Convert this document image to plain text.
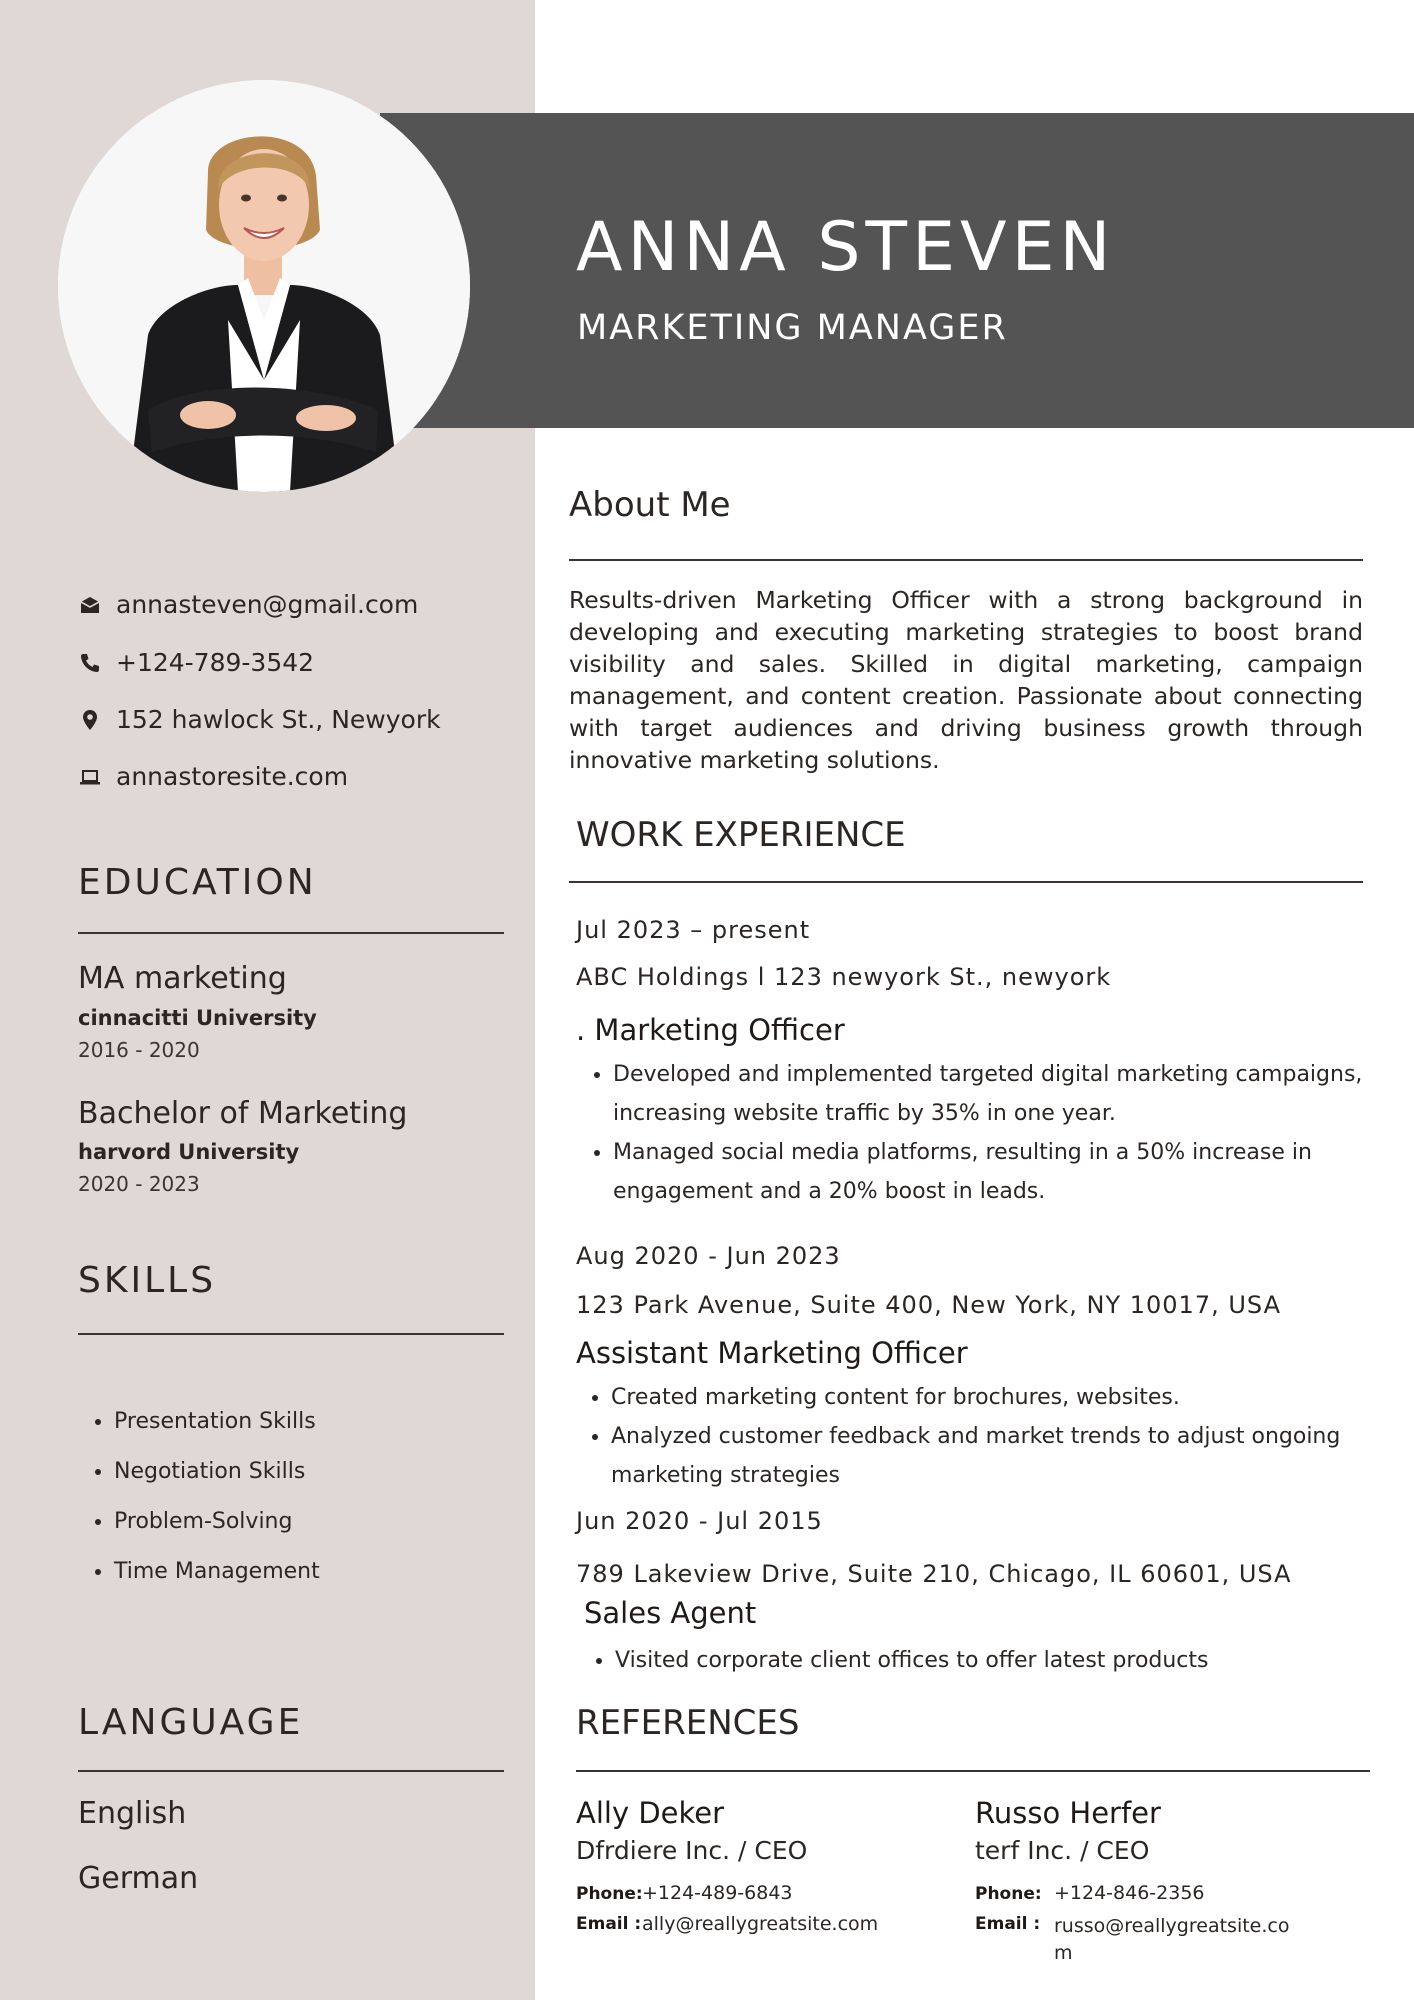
ANNA STEVEN
MARKETING MANAGER
annasteven@gmail.com
+124-789-3542
152 hawlock St., Newyork
annastoresite.com
EDUCATION
MA marketing
cinnacitti University
2016 - 2020
Bachelor of Marketing
harvord University
2020 - 2023
SKILLS
• Presentation Skills
• Negotiation Skills
• Problem-Solving
• Time Management
LANGUAGE
English
German
About Me
Results-driven Marketing Officer with a strong background in developing and executing marketing strategies to boost brand visibility and sales. Skilled in digital marketing, campaign management, and content creation. Passionate about connecting with target audiences and driving business growth through innovative marketing solutions.
WORK EXPERIENCE
Jul 2023 – present
ABC Holdings l 123 newyork St., newyork
. Marketing Officer
• Developed and implemented targeted digital marketing campaigns, increasing website traffic by 35% in one year.
• Managed social media platforms, resulting in a 50% increase in engagement and a 20% boost in leads.
Aug 2020 - Jun 2023
123 Park Avenue, Suite 400, New York, NY 10017, USA
Assistant Marketing Officer
• Created marketing content for brochures, websites.
• Analyzed customer feedback and market trends to adjust ongoing marketing strategies
Jun 2020 - Jul 2015
789 Lakeview Drive, Suite 210, Chicago, IL 60601, USA
Sales Agent
• Visited corporate client offices to offer latest products
REFERENCES
Ally Deker
Dfrdiere Inc. / CEO
Phone: +124-489-6843
Email : ally@reallygreatsite.com
Russo Herfer
terf Inc. / CEO
Phone: +124-846-2356
Email : russo@reallygreatsite.co m
